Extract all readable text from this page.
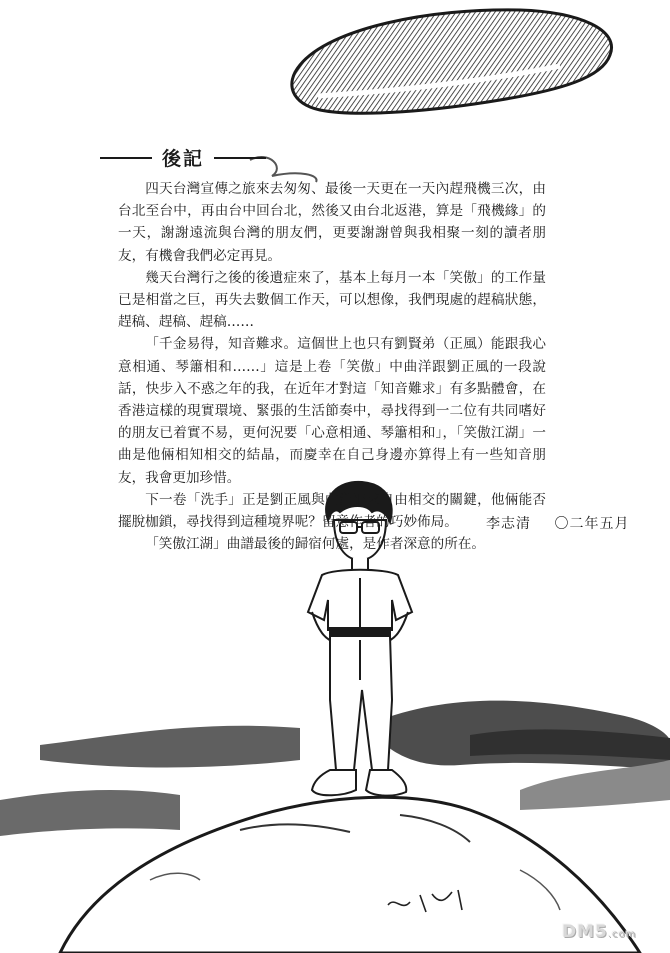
後記

四天台灣宣傳之旅來去匆匆、最後一天更在一天內趕飛機三次，由台北至台中，再由台中回台北，然後又由台北返港，算是「飛機緣」的一天，謝謝遠流與台灣的朋友們，更要謝謝曾與我相聚一刻的讀者朋友，有機會我們必定再見。

幾天台灣行之後的後遺症來了，基本上每月一本「笑傲」的工作量已是相當之巨，再失去數個工作天，可以想像，我們現處的趕稿狀態，趕稿、趕稿、趕稿……

「千金易得，知音難求。這個世上也只有劉賢弟（正風）能跟我心意相通、琴簫相和……」這是上卷「笑傲」中曲洋跟劉正風的一段說話，快步入不惑之年的我，在近年才對這「知音難求」有多點體會，在香港這樣的現實環境、緊張的生活節奏中，尋找得到一二位有共同嗜好的朋友已着實不易，更何況要「心意相通、琴簫相和」，「笑傲江湖」一曲是他倆相知相交的結晶，而慶幸在自己身邊亦算得上有一些知音朋友，我會更加珍惜。

下一卷「洗手」正是劉正風與曲洋追求自由相交的關鍵，他倆能否擺脫枷鎖，尋找得到這種境界呢？留意作者的巧妙佈局。

「笑傲江湖」曲譜最後的歸宿何處，是作者深意的所在。

李志清 〇二年五月
DM5.com
